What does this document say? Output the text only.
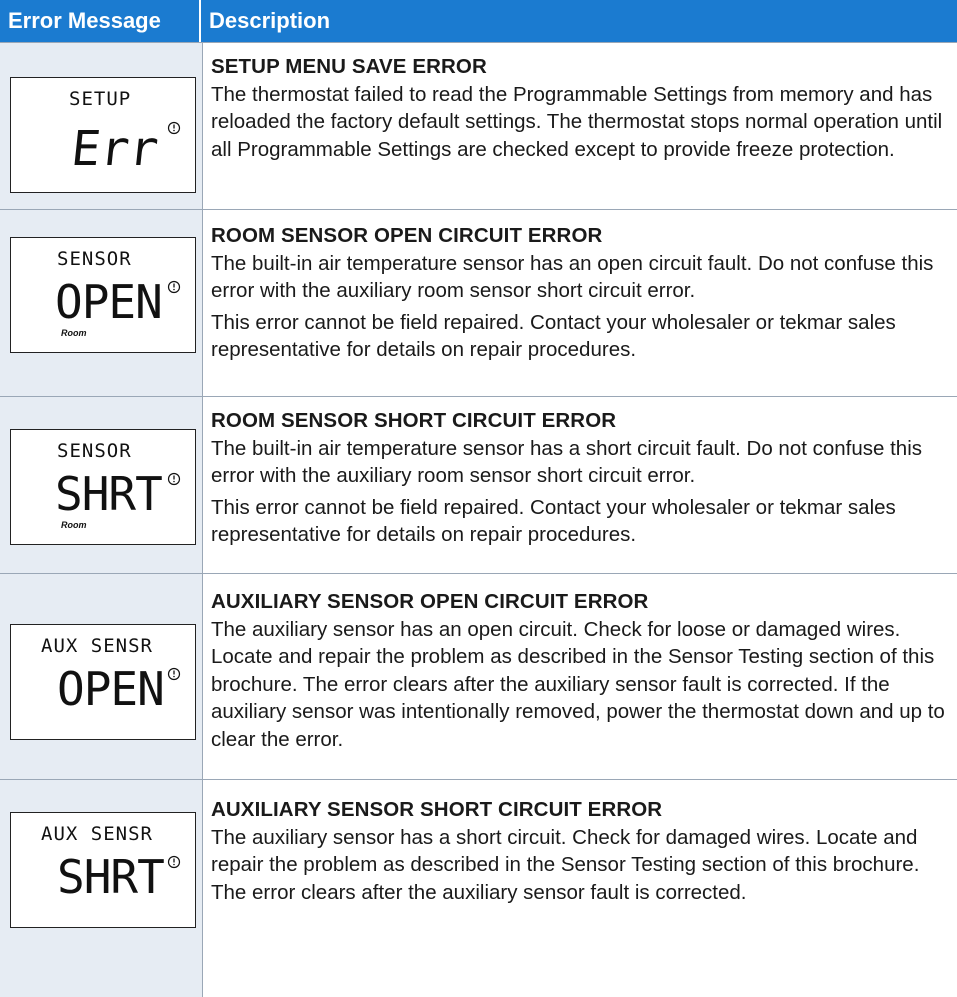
Error Message	Description
SETUP
Err
SETUP MENU SAVE ERROR

The thermostat failed to read the Programmable Settings from memory and has reloaded the factory default settings. The thermostat stops normal operation until all Programmable Settings are checked except to provide freeze protection.

SENSOR
OPEN
Room
ROOM SENSOR OPEN CIRCUIT ERROR

The built-in air temperature sensor has an open circuit fault. Do not confuse this error with the auxiliary room sensor short circuit error.

This error cannot be field repaired. Contact your wholesaler or tekmar sales representative for details on repair procedures.

SENSOR
SHRT
Room
ROOM SENSOR SHORT CIRCUIT ERROR

The built-in air temperature sensor has a short circuit fault. Do not confuse this error with the auxiliary room sensor short circuit error.

This error cannot be field repaired. Contact your wholesaler or tekmar sales representative for details on repair procedures.

AUX SENSR
OPEN
AUXILIARY SENSOR OPEN CIRCUIT ERROR

The auxiliary sensor has an open circuit. Check for loose or damaged wires. Locate and repair the problem as described in the Sensor Testing section of this brochure. The error clears after the auxiliary sensor fault is corrected. If the auxiliary sensor was intentionally removed, power the thermostat down and up to clear the error.

AUX SENSR
SHRT
AUXILIARY SENSOR SHORT CIRCUIT ERROR

The auxiliary sensor has a short circuit. Check for damaged wires. Locate and repair the problem as described in the Sensor Testing section of this brochure. The error clears after the auxiliary sensor fault is corrected.
